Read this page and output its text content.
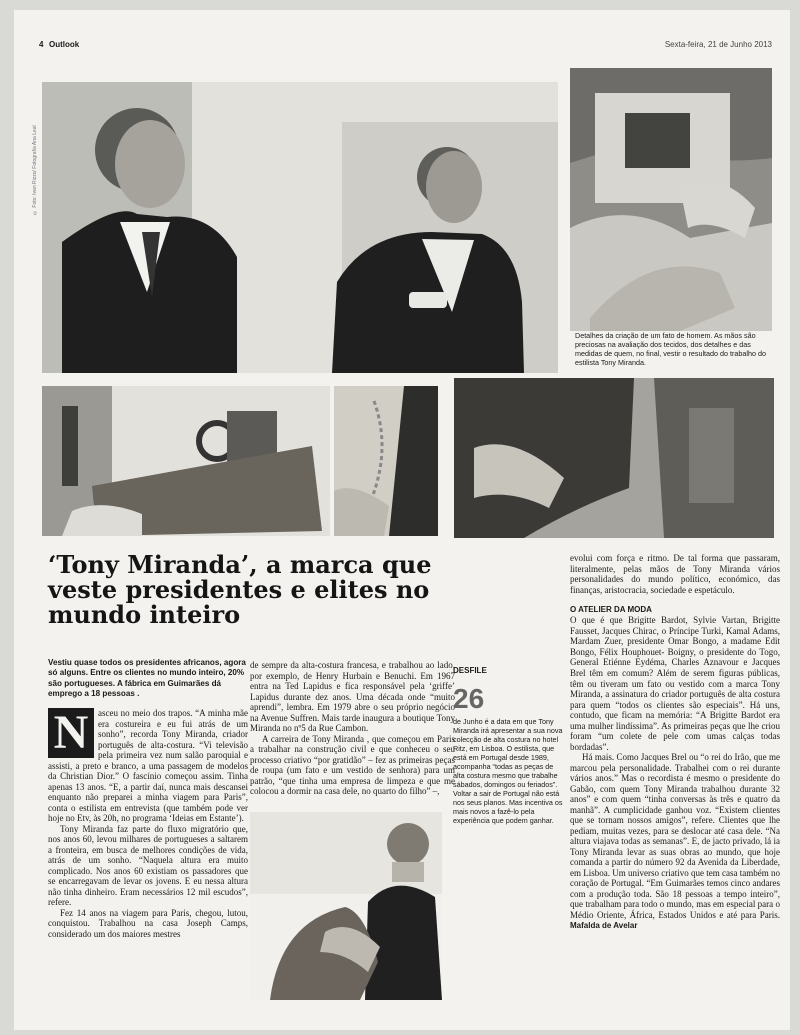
4 Outlook	Sexta-feira, 21 de Junho 2013
© Foto: Ivan Rizzo/ Fotografia Ana Leal
Detalhes da criação de um fato de homem. As mãos são preciosas na avaliação dos tecidos, dos detalhes e das medidas de quem, no final, vestir o resultado do trabalho do estilista Tony Miranda.
‘Tony Miranda’, a marca que veste presidentes e elites no mundo inteiro
Vestiu quase todos os presidentes africanos, agora só alguns. Entre os clientes no mundo inteiro, 20% são portugueses. A fábrica em Guimarães dá emprego a 18 pessoas .
N	asceu no meio dos trapos. “A minha mãe era costureira e eu fui atrás de um sonho”, recorda Tony Miranda, criador português de alta-costura. “Vi televisão pela primeira vez num salão paroquial e assisti, a preto e branco, a uma passagem de modelos da Christian Dior.” O fascínio começou assim. Tinha apenas 13 anos. “E, a partir daí, nunca mais descansei enquanto não preparei a minha viagem para Paris”, conta o estilista em entrevista (que também pode ver hoje no Etv, às 20h, no programa ‘Ideias em Estante’).

Tony Miranda faz parte do fluxo migratório que, nos anos 60, levou milhares de portugueses a saltarem a fronteira, em busca de melhores condições de vida, atrás de um sonho. “Naquela altura era muito complicado. Nos anos 60 existiam os passadores que se encarregavam de levar os jovens. E eu nessa altura não tinha dinheiro. Eram necessários 12 mil escudos”, refere.

Fez 14 anos na viagem para Paris, chegou, lutou, conquistou. Trabalhou na casa Joseph Camps, considerado um dos maiores mestres

de sempre da alta-costura francesa, e trabalhou ao lado, por exemplo, de Henry Hurbain e Benuchi. Em 1967 entra na Ted Lapidus e fica responsável pela ‘griffe’ Lapidus durante dez anos. Uma década onde “muito aprendi”, lembra. Em 1979 abre o seu próprio negócio na Avenue Suffren. Mais tarde inaugura a boutique Tony Miranda no nº5 da Rue Cambon.

A carreira de Tony Miranda , que começou em Paris a trabalhar na construção civil e que conheceu o seu processo criativo “por gratidão” – fez as primeiras peças de roupa (um fato e um vestido de senhora) para um patrão, “que tinha uma empresa de limpeza e que me colocou a dormir na casa dele, no quarto do filho” –,

DESFILE
26
de Junho é a data em que Tony Miranda irá apresentar a sua nova colecção de alta costura no hotel Ritz, em Lisboa. O estilista, que está em Portugal desde 1989, acompanha “todas as peças de alta costura mesmo que trabalhe sábados, domingos ou feriados”. Voltar a sair de Portugal não está nos seus planos. Mas incentiva os mais novos a fazê-lo pela experiência que podem ganhar.

evolui com força e ritmo. De tal forma que passaram, literalmente, pelas mãos de Tony Miranda vários personalidades do mundo político, económico, das finanças, aristocracia, sociedade e espetáculo.

O ATELIER DA MODA

O que é que Brigitte Bardot, Sylvie Vartan, Brigitte Fausset, Jacques Chirac, o Príncipe Turki, Kamal Adams, Mardam Zuer, presidente Omar Bongo, a madame Edit Bongo, Félix Houphouet- Boigny, o presidente do Togo, General Etiénne Eydéma, Charles Aznavour e Jacques Brel têm em comum? Além de serem figuras públicas, têm ou tiveram um fato ou vestido com a marca Tony Miranda, a assinatura do criador português de alta costura para quem “todos os clientes são especiais”. Há uns, contudo, que ficam na memória: “A Brigitte Bardot era uma mulher lindíssima”. As primeiras peças que lhe criou foram “um colete de pele com umas calças todas bordadas”.

Há mais. Como Jacques Brel ou “o rei do Irão, que me marcou pela personalidade. Trabalhei com o rei durante vários anos.” Mas o recordista é mesmo o presidente do Gabão, com quem Tony Miranda trabalhou durante 32 anos” e com quem “tinha conversas às três e quatro da manhã”. A cumplicidade ganhou voz. “Existem clientes que se tornam nossos amigos”, refere. Clientes que lhe pediam, muitas vezes, para se deslocar até casa dele. “Na altura viajava todas as semanas”. E, de jacto privado, lá ia Tony Miranda levar as suas obras ao mundo, que hoje comanda a partir do número 92 da Avenida da Liberdade, em Lisboa. Um universo criativo que tem casa também no coração de Portugal. “Em Guimarães temos cinco andares com a produção toda. São 18 pessoas a tempo inteiro”, que trabalham para todo o mundo, mas em especial para o Médio Oriente, África, Estados Unidos e até para Paris. Mafalda de Avelar
